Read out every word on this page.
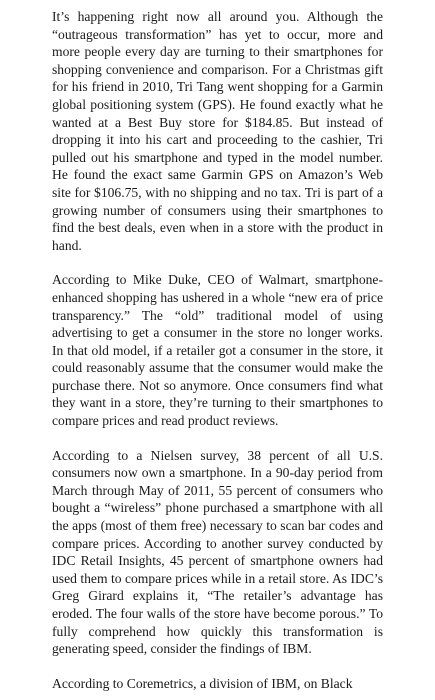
It’s happening right now all around you. Although the “outrageous transformation” has yet to occur, more and more people every day are turning to their smartphones for shopping convenience and comparison. For a Christmas gift for his friend in 2010, Tri Tang went shopping for a Garmin global positioning system (GPS). He found exactly what he wanted at a Best Buy store for $184.85. But instead of dropping it into his cart and proceeding to the cashier, Tri pulled out his smartphone and typed in the model number. He found the exact same Garmin GPS on Amazon’s Web site for $106.75, with no shipping and no tax. Tri is part of a growing number of consumers using their smartphones to find the best deals, even when in a store with the product in hand.

According to Mike Duke, CEO of Walmart, smartphone-enhanced shopping has ushered in a whole “new era of price transparency.” The “old” traditional model of using advertising to get a consumer in the store no longer works. In that old model, if a retailer got a consumer in the store, it could reasonably assume that the consumer would make the purchase there. Not so anymore. Once consumers find what they want in a store, they’re turning to their smartphones to compare prices and read product reviews.

According to a Nielsen survey, 38 percent of all U.S. consumers now own a smartphone. In a 90-day period from March through May of 2011, 55 percent of consumers who bought a “wireless” phone purchased a smartphone with all the apps (most of them free) necessary to scan bar codes and compare prices. According to another survey conducted by IDC Retail Insights, 45 percent of smartphone owners had used them to compare prices while in a retail store. As IDC’s Greg Girard explains it, “The retailer’s advantage has eroded. The four walls of the store have become porous.” To fully comprehend how quickly this transformation is generating speed, consider the findings of IBM.

According to Coremetrics, a division of IBM, on Black
